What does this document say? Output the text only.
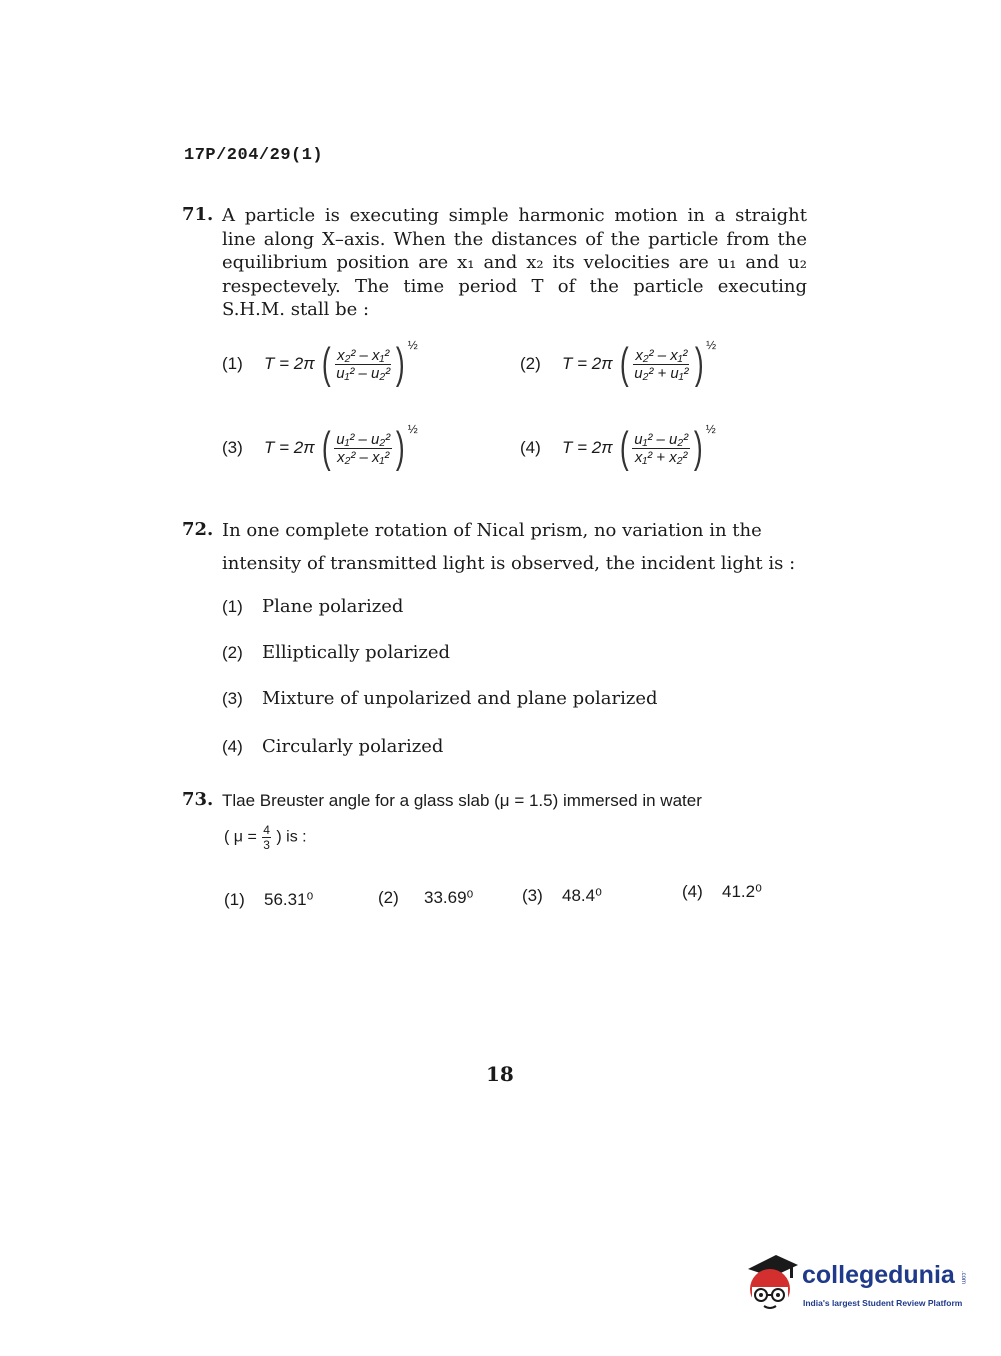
17P/204/29(1)
71. A particle is executing simple harmonic motion in a straight line along X–axis. When the distances of the particle from the equilibrium position are x₁ and x₂ its velocities are u₁ and u₂ respectevely. The time period T of the particle executing S.H.M. stall be :
(1)	T = 2π ( $\frac{\text{x₂² – x₁²}}{\text{u₁² – u₂²}}$ ) ½
(2)	T = 2π ( $\frac{\text{x₂² – x₁²}}{\text{u₂² + u₁²}}$ ) ½
(3)	T = 2π ( $\frac{\text{u₁² – u₂²}}{\text{x₂² – x₁²}}$ ) ½
(4)	T = 2π ( $\frac{\text{u₁² – u₂²}}{\text{x₁² + x₂²}}$ ) ½
72. In one complete rotation of Nical prism, no variation in the intensity of transmitted light is observed, the incident light is :
(1) Plane polarized
(2) Elliptically polarized
(3) Mixture of unpolarized and plane polarized
(4) Circularly polarized
73. Tlae Breuster angle for a glass slab (μ = 1.5) immersed in water
( $\mu = \frac{4}{3}$ ) is :
(1) 56.31⁰	(2) 33.69⁰	(3) 48.4⁰	(4) 41.2⁰
18
collegedunia .com
India's largest Student Review Platform
